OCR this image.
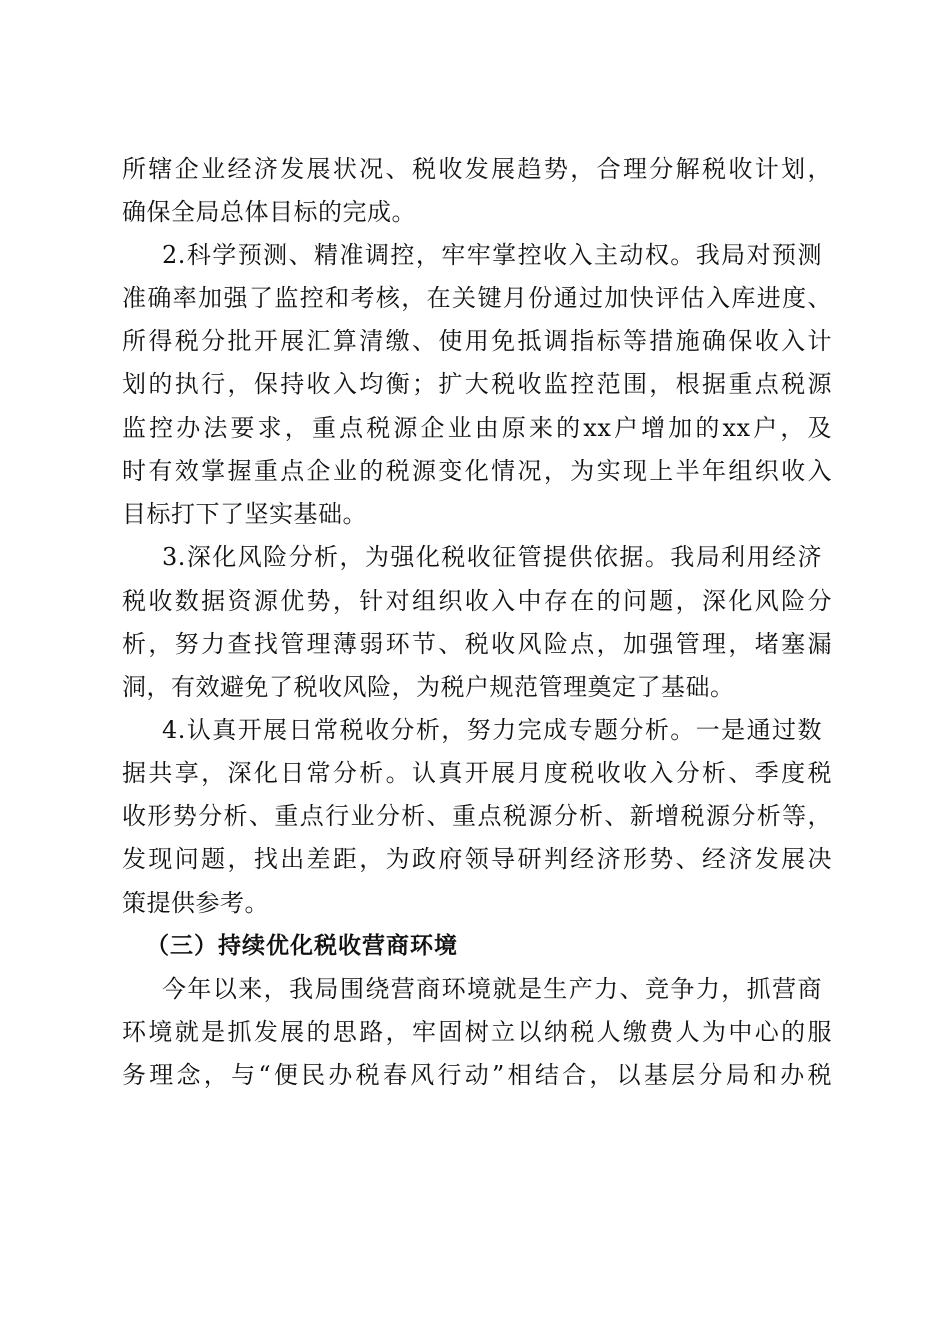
所辖企业经济发展状况、税收发展趋势，合理分解税收计划，
确保全局总体目标的完成。
2.科学预测、精准调控，牢牢掌控收入主动权。我局对预测
准确率加强了监控和考核，在关键月份通过加快评估入库进度、
所得税分批开展汇算清缴、使用免抵调指标等措施确保收入计
划的执行，保持收入均衡；扩大税收监控范围，根据重点税源
监控办法要求，重点税源企业由原来的xx户增加的xx户，及
时有效掌握重点企业的税源变化情况，为实现上半年组织收入
目标打下了坚实基础。
3.深化风险分析，为强化税收征管提供依据。我局利用经济
税收数据资源优势，针对组织收入中存在的问题，深化风险分
析，努力查找管理薄弱环节、税收风险点，加强管理，堵塞漏
洞，有效避免了税收风险，为税户规范管理奠定了基础。
4.认真开展日常税收分析，努力完成专题分析。一是通过数
据共享，深化日常分析。认真开展月度税收收入分析、季度税
收形势分析、重点行业分析、重点税源分析、新增税源分析等，
发现问题，找出差距，为政府领导研判经济形势、经济发展决
策提供参考。
（三）持续优化税收营商环境
今年以来，我局围绕营商环境就是生产力、竞争力，抓营商
环境就是抓发展的思路，牢固树立以纳税人缴费人为中心的服
务理念，与“便民办税春风行动”相结合，以基层分局和办税
